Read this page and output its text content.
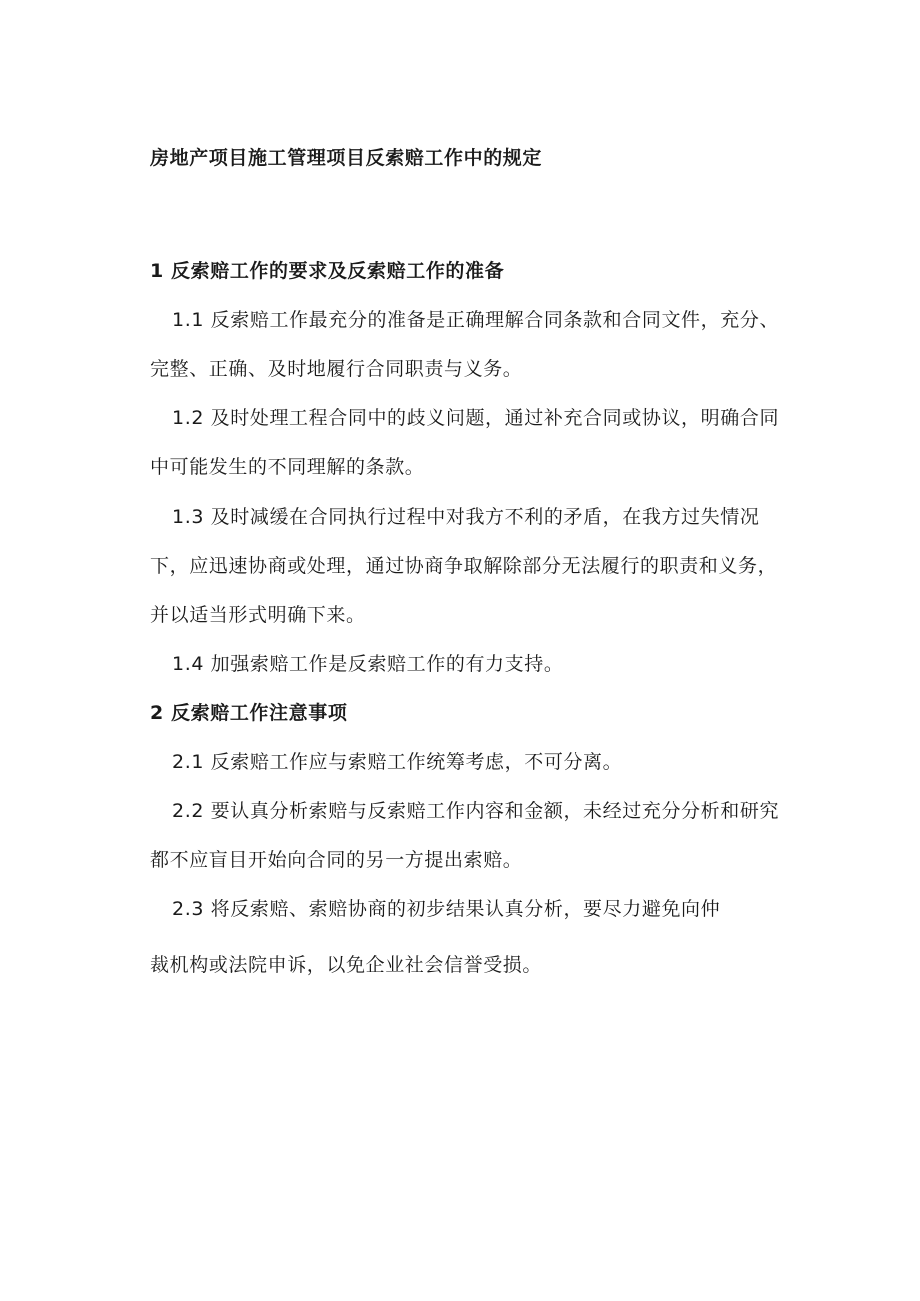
房地产项目施工管理项目反索赔工作中的规定
1 反索赔工作的要求及反索赔工作的准备
1.1 反索赔工作最充分的准备是正确理解合同条款和合同文件，充分、
完整、正确、及时地履行合同职责与义务。
1.2 及时处理工程合同中的歧义问题，通过补充合同或协议，明确合同
中可能发生的不同理解的条款。
1.3 及时减缓在合同执行过程中对我方不利的矛盾，在我方过失情况
下，应迅速协商或处理，通过协商争取解除部分无法履行的职责和义务，
并以适当形式明确下来。
1.4 加强索赔工作是反索赔工作的有力支持。
2 反索赔工作注意事项
2.1 反索赔工作应与索赔工作统筹考虑，不可分离。
2.2 要认真分析索赔与反索赔工作内容和金额，未经过充分分析和研究
都不应盲目开始向合同的另一方提出索赔。
2.3 将反索赔、索赔协商的初步结果认真分析，要尽力避免向仲
裁机构或法院申诉，以免企业社会信誉受损。
